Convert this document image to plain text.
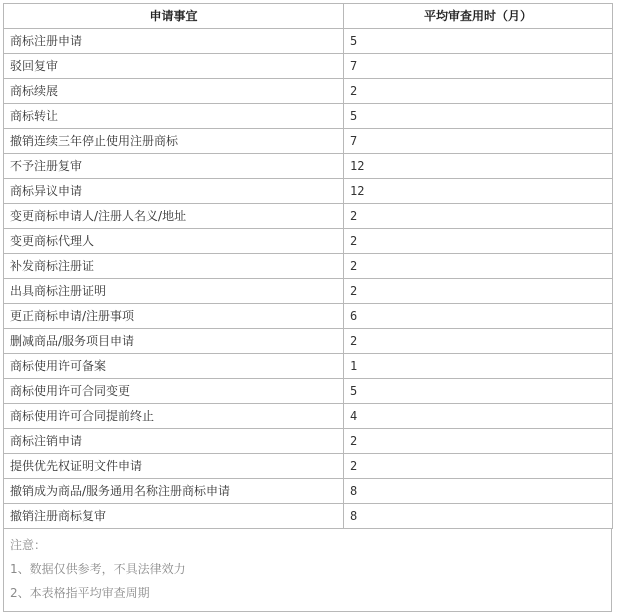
申请事宜	平均审查用时（月）
商标注册申请	5
驳回复审	7
商标续展	2
商标转让	5
撤销连续三年停止使用注册商标	7
不予注册复审	12
商标异议申请	12
变更商标申请人/注册人名义/地址	2
变更商标代理人	2
补发商标注册证	2
出具商标注册证明	2
更正商标申请/注册事项	6
删减商品/服务项目申请	2
商标使用许可备案	1
商标使用许可合同变更	5
商标使用许可合同提前终止	4
商标注销申请	2
提供优先权证明文件申请	2
撤销成为商品/服务通用名称注册商标申请	8
撤销注册商标复审	8
注意：
1、数据仅供参考，不具法律效力
2、本表格指平均审查周期
